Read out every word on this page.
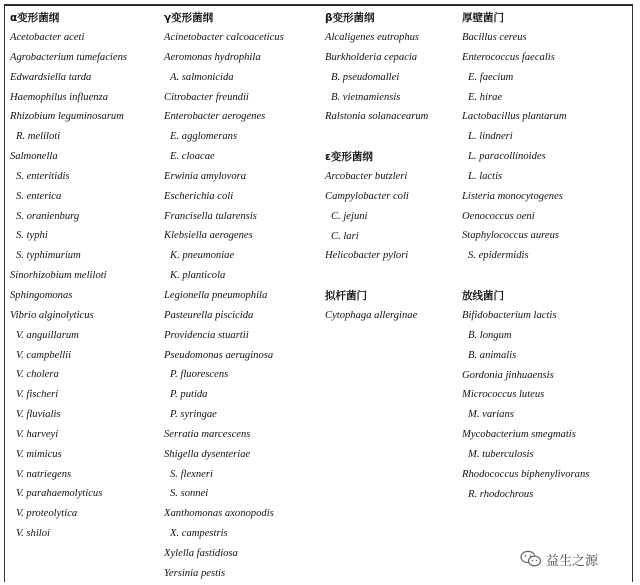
α变形菌纲
Acetobacter aceti
Agrobacterium tumefaciens
Edwardsiella tarda
Haemophilus influenza
Rhizobium leguminosarum
R. meliloti
Salmonella
S. enteritidis
S. enterica
S. oranienburg
S. typhi
S. typhimurium
Sinorhizobium meliloti
Sphingomonas
Vibrio alginolyticus
V. anguillarum
V. campbellii
V. cholera
V. fischeri
V. fluvialis
V. harveyi
V. mimicus
V. natriegens
V. parahaemolyticus
V. proteolytica
V. shiloi
γ变形菌纲
Acinetobacter calcoaceticus
Aeromonas hydrophila
A. salmonicida
Citrobacter freundii
Enterobacter aerogenes
E. agglomerans
E. cloacae
Erwinia amylovora
Escherichia coli
Francisella tularensis
Klebsiella aerogenes
K. pneumoniae
K. planticola
Legionella pneumophila
Pasteurella piscicida
Providencia stuartii
Pseudomonas aeruginosa
P. fluorescens
P. putida
P. syringae
Serratia marcescens
Shigella dysenteriae
S. flexneri
S. sonnei
Xanthomonas axonopodis
X. campestris
Xylella fastidiosa
Yersinia pestis
β变形菌纲
Alcaligenes eutrophus
Burkholderia cepacia
B. pseudomallei
B. vietnamiensis
Ralstonia solanacearum
ε变形菌纲
Arcobacter butzleri
Campylobacter coli
C. jejuni
C. lari
Helicobacter pylori
拟杆菌门
Cytophaga allerginae
厚壁菌门
Bacillus cereus
Enterococcus faecalis
E. faecium
E. hirae
Lactobacillus plantarum
L. lindneri
L. paracollinoides
L. lactis
Listeria monocytogenes
Oenococcus oeni
Staphylococcus aureus
S. epidermidis
放线菌门
Bifidobacterium lactis
B. longum
B. animalis
Gordonia jinhuaensis
Micrococcus luteus
M. varians
Mycobacterium smegmatis
M. tuberculosis
Rhodococcus biphenylivorans
R. rhodochrous
益生之源
